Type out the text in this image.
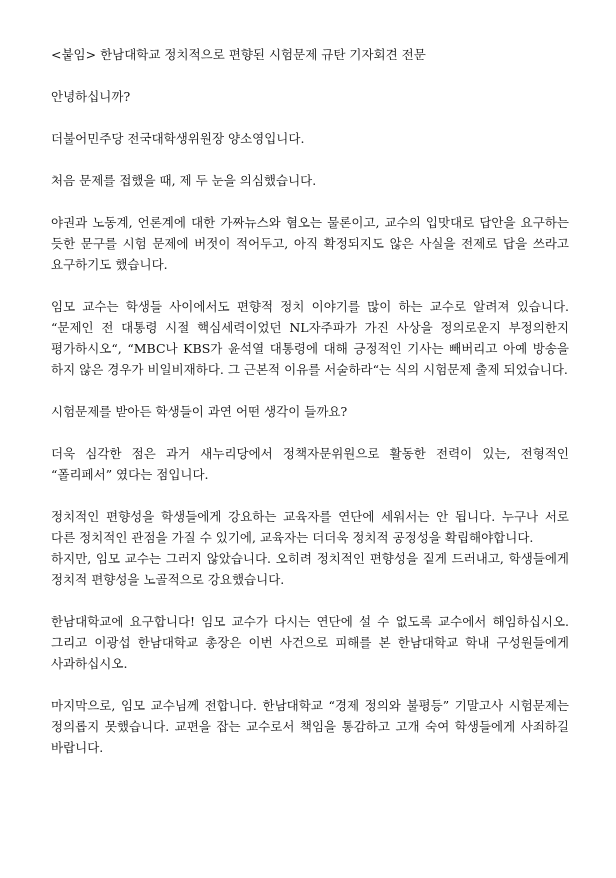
<붙임> 한남대학교 정치적으로 편향된 시험문제 규탄 기자회견 전문

안녕하십니까?

더불어민주당 전국대학생위원장 양소영입니다.

처음 문제를 접했을 때, 제 두 눈을 의심했습니다.

야권과 노동계, 언론계에 대한 가짜뉴스와 혐오는 물론이고, 교수의 입맛대로 답안을 요구하는 듯한 문구를 시험 문제에 버젓이 적어두고, 아직 확정되지도 않은 사실을 전제로 답을 쓰라고 요구하기도 했습니다.

임모 교수는 학생들 사이에서도 편향적 정치 이야기를 많이 하는 교수로 알려져 있습니다. “문제인 전 대통령 시절 핵심세력이었던 NL자주파가 가진 사상을 정의로운지 부정의한지 평가하시오“, “MBC나 KBS가 윤석열 대통령에 대해 긍정적인 기사는 빼버리고 아예 방송을 하지 않은 경우가 비일비재하다. 그 근본적 이유를 서술하라“는 식의 시험문제 출제 되었습니다.

시험문제를 받아든 학생들이 과연 어떤 생각이 들까요?

더욱 심각한 점은 과거 새누리당에서 정책자문위원으로 활동한 전력이 있는, 전형적인 “폴리페서” 였다는 점입니다.

정치적인 편향성을 학생들에게 강요하는 교육자를 연단에 세워서는 안 됩니다. 누구나 서로 다른 정치적인 관점을 가질 수 있기에, 교육자는 더더욱 정치적 공정성을 확립해야합니다.

하지만, 임모 교수는 그러지 않았습니다. 오히려 정치적인 편향성을 짙게 드러내고, 학생들에게 정치적 편향성을 노골적으로 강요했습니다.

한남대학교에 요구합니다! 임모 교수가 다시는 연단에 설 수 없도록 교수에서 해임하십시오. 그리고 이광섭 한남대학교 총장은 이번 사건으로 피해를 본 한남대학교 학내 구성원들에게 사과하십시오.

마지막으로, 임모 교수님께 전합니다. 한남대학교 “경제 정의와 불평등” 기말고사 시험문제는 정의롭지 못했습니다. 교편을 잡는 교수로서 책임을 통감하고 고개 숙여 학생들에게 사죄하길 바랍니다.
